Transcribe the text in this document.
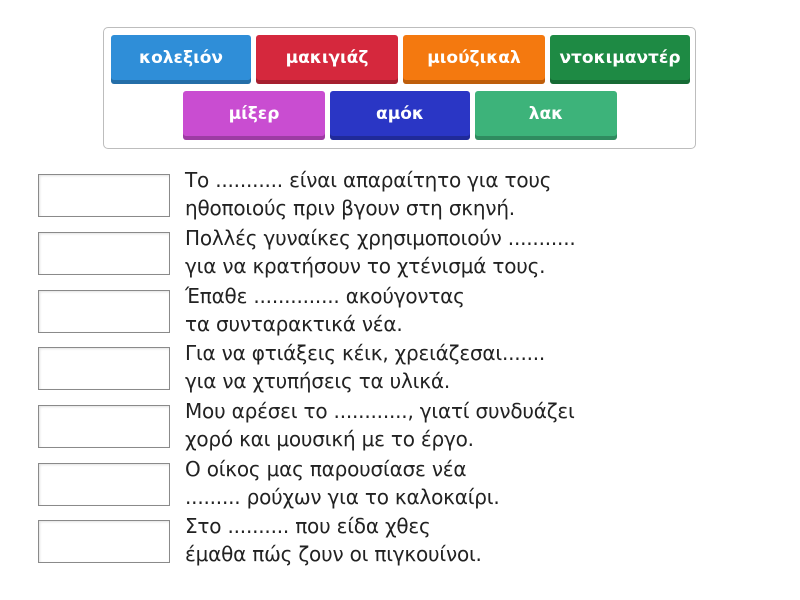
κολεξιόν	μακιγιάζ	μιούζικαλ	ντοκιμαντέρ
μίξερ	αμόκ	λακ
Το ........... είναι απαραίτητο για τους
ηθοποιούς πριν βγουν στη σκηνή.
Πολλές γυναίκες χρησιμοποιούν ...........
για να κρατήσουν το χτένισμά τους.
Έπαθε .............. ακούγοντας
τα συνταρακτικά νέα.
Για να φτιάξεις κέικ, χρειάζεσαι.......
για να χτυπήσεις τα υλικά.
Μου αρέσει το ............, γιατί συνδυάζει
χορό και μουσική με το έργο.
Ο οίκος μας παρουσίασε νέα
......... ρούχων για το καλοκαίρι.
Στο .......... που είδα χθες
έμαθα πώς ζουν οι πιγκουίνοι.
